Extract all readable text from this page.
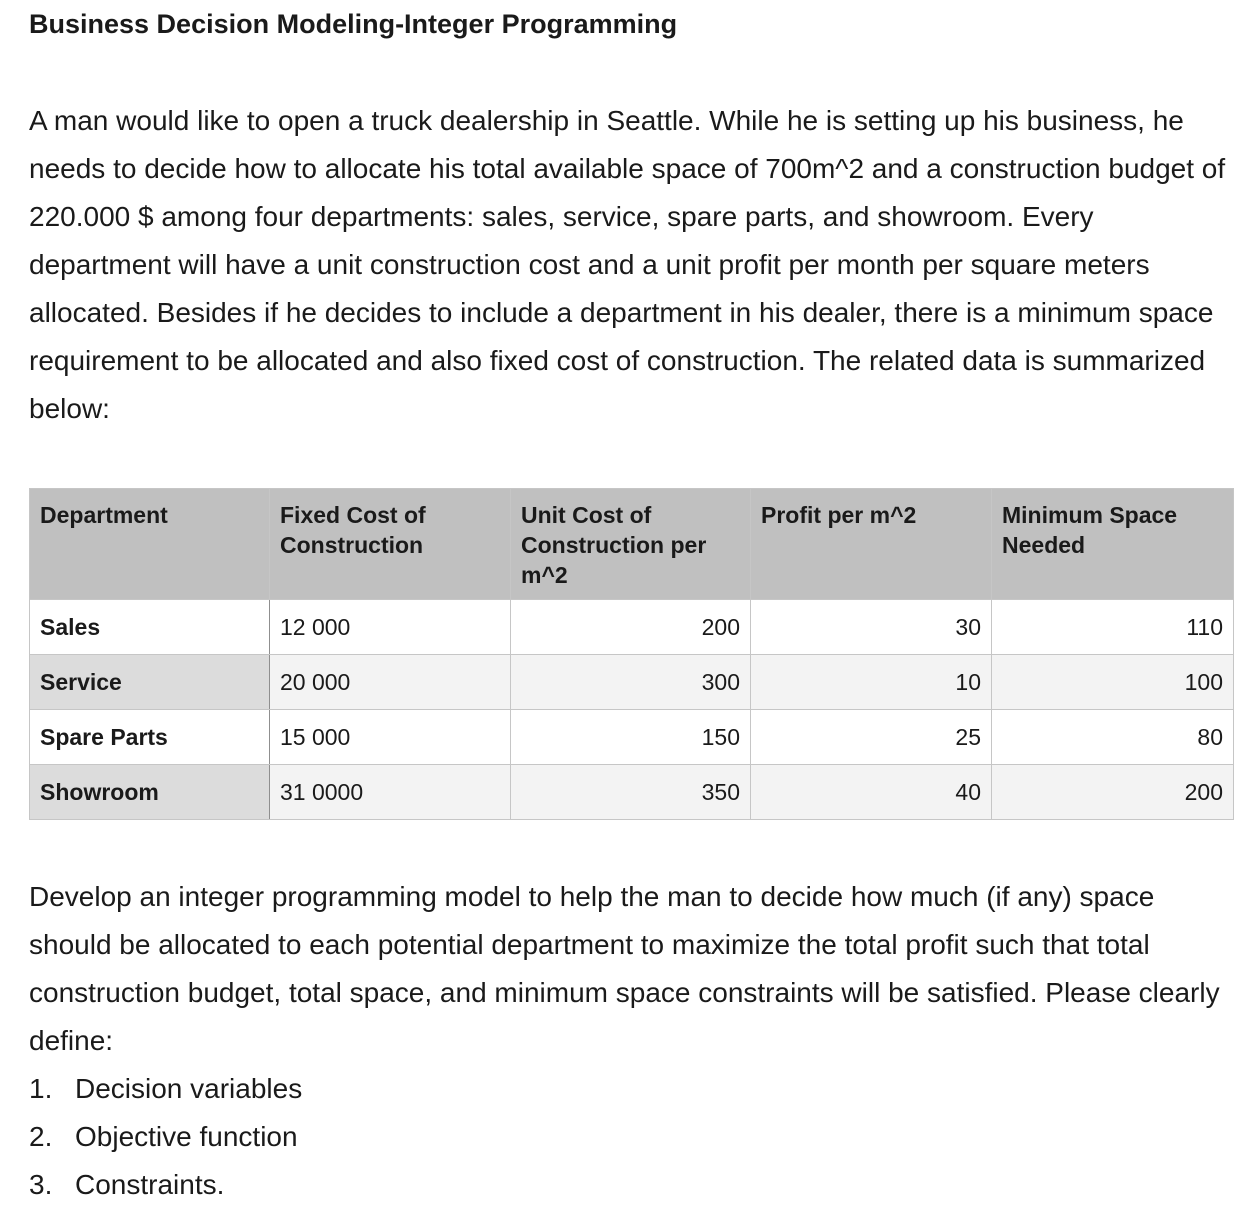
Business Decision Modeling-Integer Programming

A man would like to open a truck dealership in Seattle. While he is setting up his business, he needs to decide how to allocate his total available space of 700m^2 and a construction budget of 220.000 $ among four departments: sales, service, spare parts, and showroom. Every department will have a unit construction cost and a unit profit per month per square meters allocated. Besides if he decides to include a department in his dealer, there is a minimum space requirement to be allocated and also fixed cost of construction. The related data is summarized below:

Department	Fixed Cost of Construction	Unit Cost of Construction per m^2	Profit per m^2	Minimum Space Needed
Sales	12 000	200	30	110
Service	20 000	300	10	100
Spare Parts	15 000	150	25	80
Showroom	31 0000	350	40	200

Develop an integer programming model to help the man to decide how much (if any) space should be allocated to each potential department to maximize the total profit such that total construction budget, total space, and minimum space constraints will be satisfied. Please clearly define:

1. Decision variables
2. Objective function
3. Constraints.
